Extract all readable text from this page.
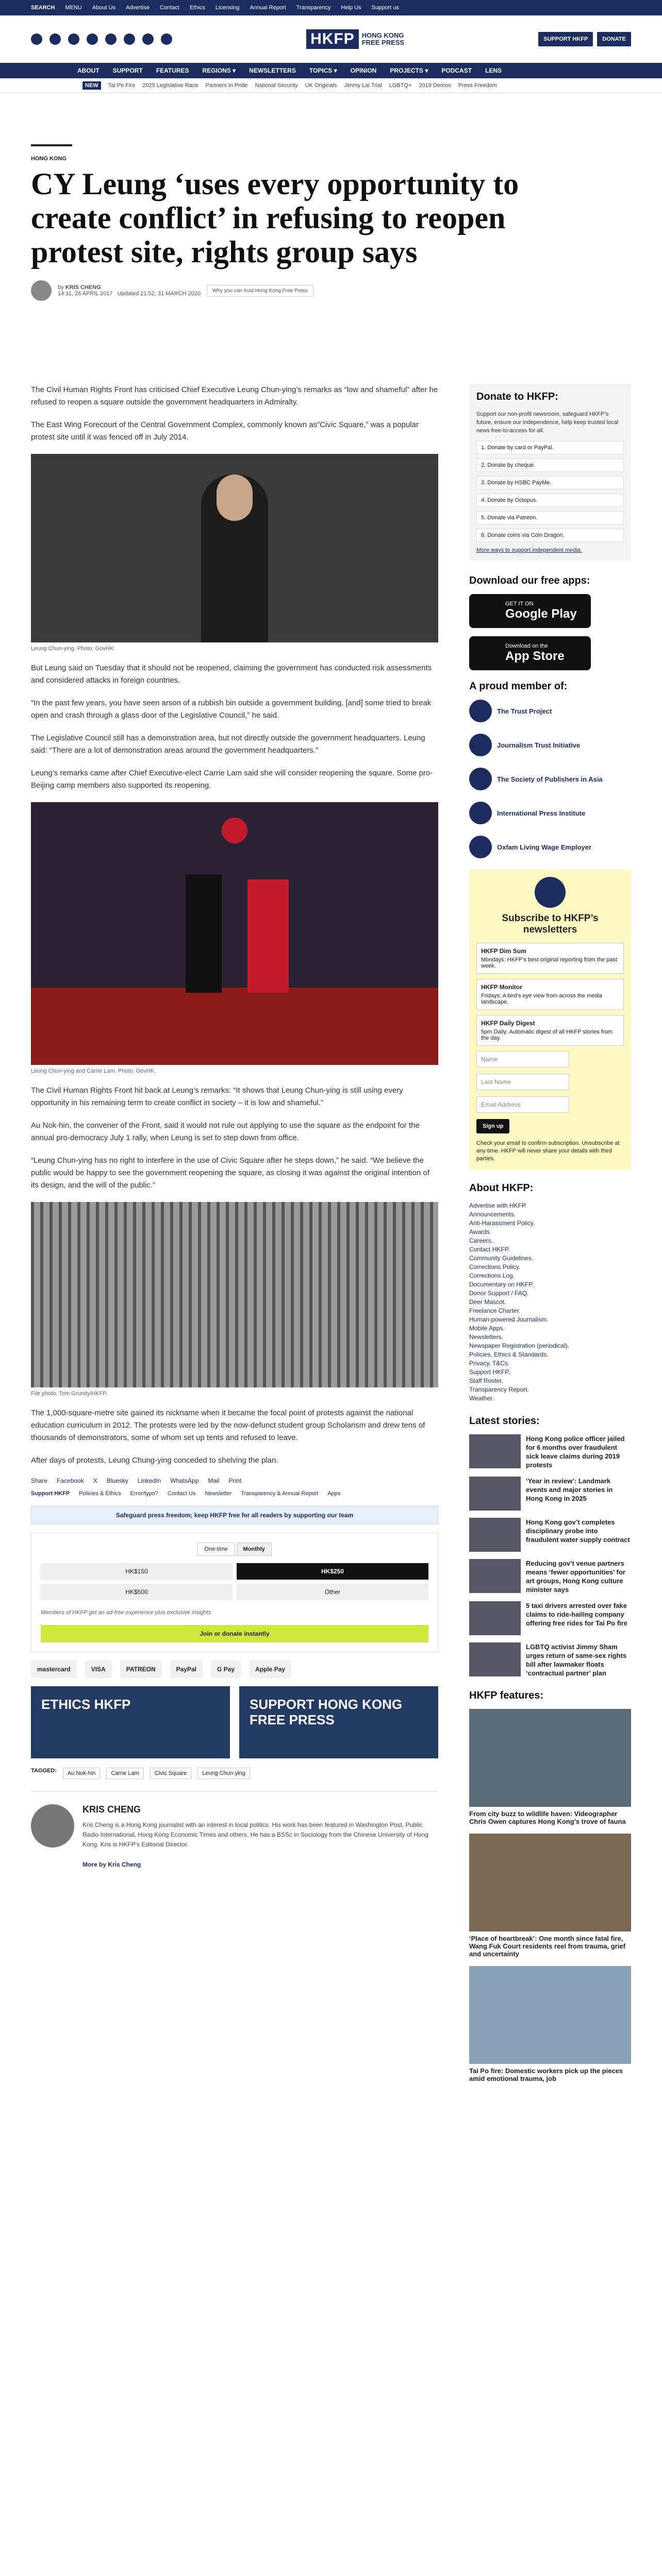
SEARCH MENU About Us Advertise Contact Ethics Licensing Annual Report Transparency Help Us Support us
HKFP	HONG KONG
FREE PRESS	SUPPORT HKFP	DONATE
ABOUT SUPPORT FEATURES REGIONS ▾ NEWSLETTERS TOPICS ▾ OPINION PROJECTS ▾ PODCAST LENS
NEW	Tai Po Fire 2025 Legislative Race Partners in Pride National Security UK Originals Jimmy Lai Trial LGBTQ+ 2019 Demos Press Freedom
HONG KONG
CY Leung ‘uses every opportunity to create conflict’ in refusing to reopen protest site, rights group says
by KRIS CHENG
14:11, 26 APRIL 2017 Updated 21:52, 31 MARCH 2020	Why you can trust Hong Kong Free Press

The Civil Human Rights Front has criticised Chief Executive Leung Chun-ying’s remarks as “low and shameful” after he refused to reopen a square outside the government headquarters in Admiralty.

The East Wing Forecourt of the Central Government Complex, commonly known as”Civic Square,” was a popular protest site until it was fenced off in July 2014.

Leung Chun-ying. Photo: GovHK.

But Leung said on Tuesday that it should not be reopened, claiming the government has conducted risk assessments and considered attacks in foreign countries.

“In the past few years, you have seen arson of a rubbish bin outside a government building, [and] some tried to break open and crash through a glass door of the Legislative Council,” he said.

The Legislative Council still has a demonstration area, but not directly outside the government headquarters. Leung said: “There are a lot of demonstration areas around the government headquarters.”

Leung’s remarks came after Chief Executive-elect Carrie Lam said she will consider reopening the square. Some pro-Beijing camp members also supported its reopening.

Leung Chun-ying and Carrie Lam. Photo: GovHK.

The Civil Human Rights Front hit back at Leung’s remarks: “It shows that Leung Chun-ying is still using every opportunity in his remaining term to create conflict in society – it is low and shameful.”

Au Nok-hin, the convener of the Front, said it would not rule out applying to use the square as the endpoint for the annual pro-democracy July 1 rally, when Leung is set to step down from office.

“Leung Chun-ying has no right to interfere in the use of Civic Square after he steps down,” he said. “We believe the public would be happy to see the government reopening the square, as closing it was against the original intention of its design, and the will of the public.”

File photo. Tom Grundy/HKFP.

The 1,000-square-metre site gained its nickname when it became the focal point of protests against the national education curriculum in 2012. The protests were led by the now-defunct student group Scholarism and drew tens of thousands of demonstrators, some of whom set up tents and refused to leave.

After days of protests, Leung Chung-ying conceded to shelving the plan.

Share Facebook X Bluesky LinkedIn WhatsApp Mail Print
Support HKFP Policies & Ethics Error/typo? Contact Us Newsletter Transparency & Annual Report Apps
Safeguard press freedom; keep HKFP free for all readers by supporting our team
One-time	Monthly
HK$150	HK$250
HK$500	Other

Members of HKFP get an ad-free experience plus exclusive insights

Join or donate instantly
mastercard	VISA	PATREON	PayPal	G Pay	Apple Pay
ETHICS HKFP	SUPPORT HONG KONG FREE PRESS
TAGGED:	Au Nok-hin	Carrie Lam	Civic Square	Leung Chun-ying
KRIS CHENG

Kris Cheng is a Hong Kong journalist with an interest in local politics. His work has been featured in Washington Post, Public Radio International, Hong Kong Economic Times and others. He has a BSSc in Sociology from the Chinese University of Hong Kong. Kris is HKFP's Editorial Director.

More by Kris Cheng

Donate to HKFP:

Support our non-profit newsroom, safeguard HKFP’s future, ensure our independence, help keep trusted local news free-to-access for all.

1. Donate by card or PayPal.
2. Donate by cheque.
3. Donate by HSBC PayMe.
4. Donate by Octopus.
5. Donate via Patreon.
6. Donate coins via Coin Dragon.
More ways to support independent media.
Download our free apps:
GET IT ON
Google Play
Download on the
App Store
A proud member of:
The Trust Project
Journalism Trust Initiative
The Society of Publishers in Asia
International Press Institute
Oxfam Living Wage Employer
Subscribe to HKFP’s newsletters
HKFP Dim Sum
Mondays: HKFP’s best original reporting from the past week.
HKFP Monitor
Fridays: A bird’s eye view from across the media landscape.
HKFP Daily Digest
5pm Daily: Automatic digest of all HKFP stories from the day.
Name
Last Name
Email Address
Sign up

Check your email to confirm subscription. Unsubscribe at any time. HKFP will never share your details with third parties.

About HKFP:
Advertise with HKFP.
Announcements.
Anti-Harassment Policy.
Awards.
Careers.
Contact HKFP.
Community Guidelines.
Corrections Policy.
Corrections Log.
Documentary on HKFP.
Donor Support / FAQ.
Deer Mascot.
Freelance Charter.
Human-powered Journalism.
Mobile Apps.
Newsletters.
Newspaper Registration (periodical).
Policies, Ethics & Standards.
Privacy, T&Cs.
Support HKFP.
Staff Roster.
Transparency Report.
Weather.
Latest stories:
Hong Kong police officer jailed for 6 months over fraudulent sick leave claims during 2019 protests
‘Year in review’: Landmark events and major stories in Hong Kong in 2025
Hong Kong gov’t completes disciplinary probe into fraudulent water supply contract
Reducing gov’t venue partners means ‘fewer opportunities’ for art groups, Hong Kong culture minister says
5 taxi drivers arrested over fake claims to ride-hailing company offering free rides for Tai Po fire
LGBTQ activist Jimmy Sham urges return of same-sex rights bill after lawmaker floats ‘contractual partner’ plan
HKFP features:
From city buzz to wildlife haven: Videographer Chris Owen captures Hong Kong’s trove of fauna
‘Place of heartbreak’: One month since fatal fire, Wang Fuk Court residents reel from trauma, grief and uncertainty
Tai Po fire: Domestic workers pick up the pieces amid emotional trauma, job
